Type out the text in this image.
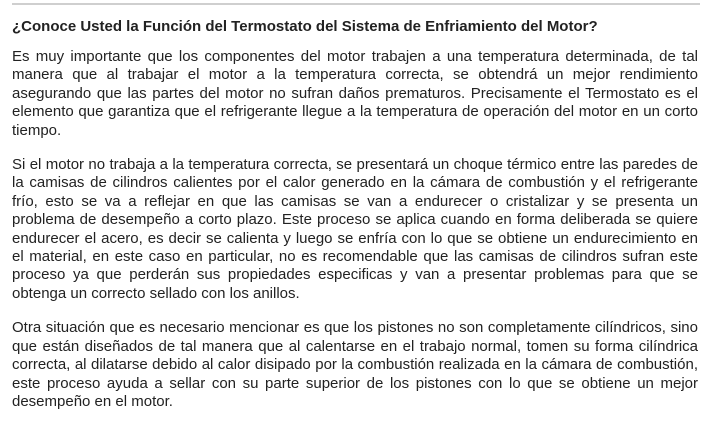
¿Conoce Usted la Función del Termostato del Sistema de Enfriamiento del Motor?

Es muy importante que los componentes del motor trabajen a una temperatura determinada, de tal manera que al trabajar el motor a la temperatura correcta, se obtendrá un mejor rendimiento asegurando que las partes del motor no sufran daños prematuros. Precisamente el Termostato es el elemento que garantiza que el refrigerante llegue a la temperatura de operación del motor en un corto tiempo.

Si el motor no trabaja a la temperatura correcta, se presentará un choque térmico entre las paredes de la camisas de cilindros calientes por el calor generado en la cámara de combustión y el refrigerante frío, esto se va a reflejar en que las camisas se van a endurecer o cristalizar y se presenta un problema de desempeño a corto plazo. Este proceso se aplica cuando en forma deliberada se quiere endurecer el acero, es decir se calienta y luego se enfría con lo que se obtiene un endurecimiento en el material, en este caso en particular, no es recomendable que las camisas de cilindros sufran este proceso ya que perderán sus propiedades especificas y van a presentar problemas para que se obtenga un correcto sellado con los anillos.

Otra situación que es necesario mencionar es que los pistones no son completamente cilíndricos, sino que están diseñados de tal manera que al calentarse en el trabajo normal, tomen su forma cilíndrica correcta, al dilatarse debido al calor disipado por la combustión realizada en la cámara de combustión, este proceso ayuda a sellar con su parte superior de los pistones con lo que se obtiene un mejor desempeño en el motor.
